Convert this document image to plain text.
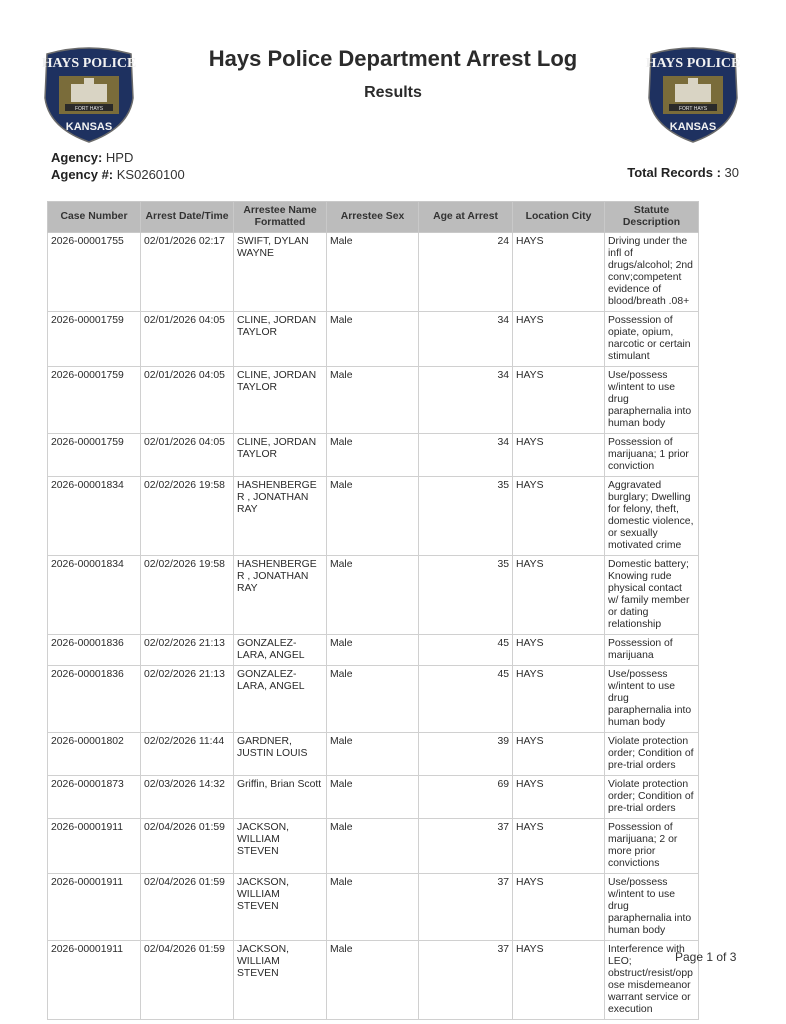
HAYS POLICE
FORT HAYS
KANSAS
HAYS POLICE
FORT HAYS
KANSAS
Hays Police Department Arrest Log
Results
Agency: HPD
Agency #: KS0260100	Total Records : 30
Case Number	Arrest Date/Time	Arrestee Name Formatted	Arrestee Sex	Age at Arrest	Location City	Statute Description
2026-00001755	02/01/2026 02:17	SWIFT, DYLAN WAYNE	Male	24	HAYS	Driving under the infl of drugs/alcohol; 2nd conv;competent evidence of blood/breath .08+
2026-00001759	02/01/2026 04:05	CLINE, JORDAN TAYLOR	Male	34	HAYS	Possession of opiate, opium, narcotic or certain stimulant
2026-00001759	02/01/2026 04:05	CLINE, JORDAN TAYLOR	Male	34	HAYS	Use/possess w/intent to use drug paraphernalia into human body
2026-00001759	02/01/2026 04:05	CLINE, JORDAN TAYLOR	Male	34	HAYS	Possession of marijuana; 1 prior conviction
2026-00001834	02/02/2026 19:58	HASHENBERGER , JONATHAN RAY	Male	35	HAYS	Aggravated burglary; Dwelling for felony, theft, domestic violence, or sexually motivated crime
2026-00001834	02/02/2026 19:58	HASHENBERGER , JONATHAN RAY	Male	35	HAYS	Domestic battery; Knowing rude physical contact w/ family member or dating relationship
2026-00001836	02/02/2026 21:13	GONZALEZ-LARA, ANGEL	Male	45	HAYS	Possession of marijuana
2026-00001836	02/02/2026 21:13	GONZALEZ-LARA, ANGEL	Male	45	HAYS	Use/possess w/intent to use drug paraphernalia into human body
2026-00001802	02/02/2026 11:44	GARDNER, JUSTIN LOUIS	Male	39	HAYS	Violate protection order; Condition of pre-trial orders
2026-00001873	02/03/2026 14:32	Griffin, Brian Scott	Male	69	HAYS	Violate protection order; Condition of pre-trial orders
2026-00001911	02/04/2026 01:59	JACKSON, WILLIAM STEVEN	Male	37	HAYS	Possession of marijuana; 2 or more prior convictions
2026-00001911	02/04/2026 01:59	JACKSON, WILLIAM STEVEN	Male	37	HAYS	Use/possess w/intent to use drug paraphernalia into human body
2026-00001911	02/04/2026 01:59	JACKSON, WILLIAM STEVEN	Male	37	HAYS	Interference with LEO; obstruct/resist/opp ose misdemeanor warrant service or execution
Page 1 of 3
